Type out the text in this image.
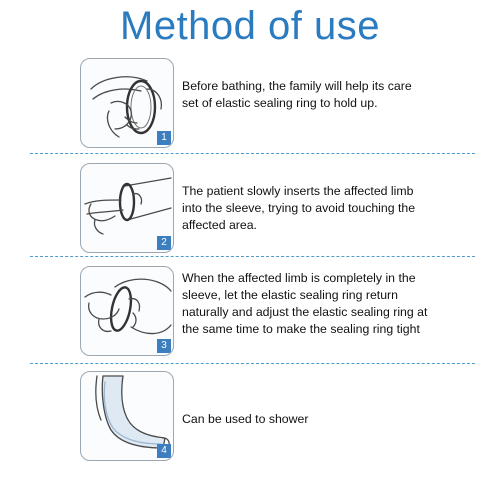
Method of use
1
Before bathing, the family will help its care set of elastic sealing ring to hold up.
2
The patient slowly inserts the affected limb into the sleeve, trying to avoid touching the affected area.
3
When the affected limb is completely in the sleeve, let the elastic sealing ring return naturally and adjust the elastic sealing ring at the same time to make the sealing ring tight
4
Can be used to shower
